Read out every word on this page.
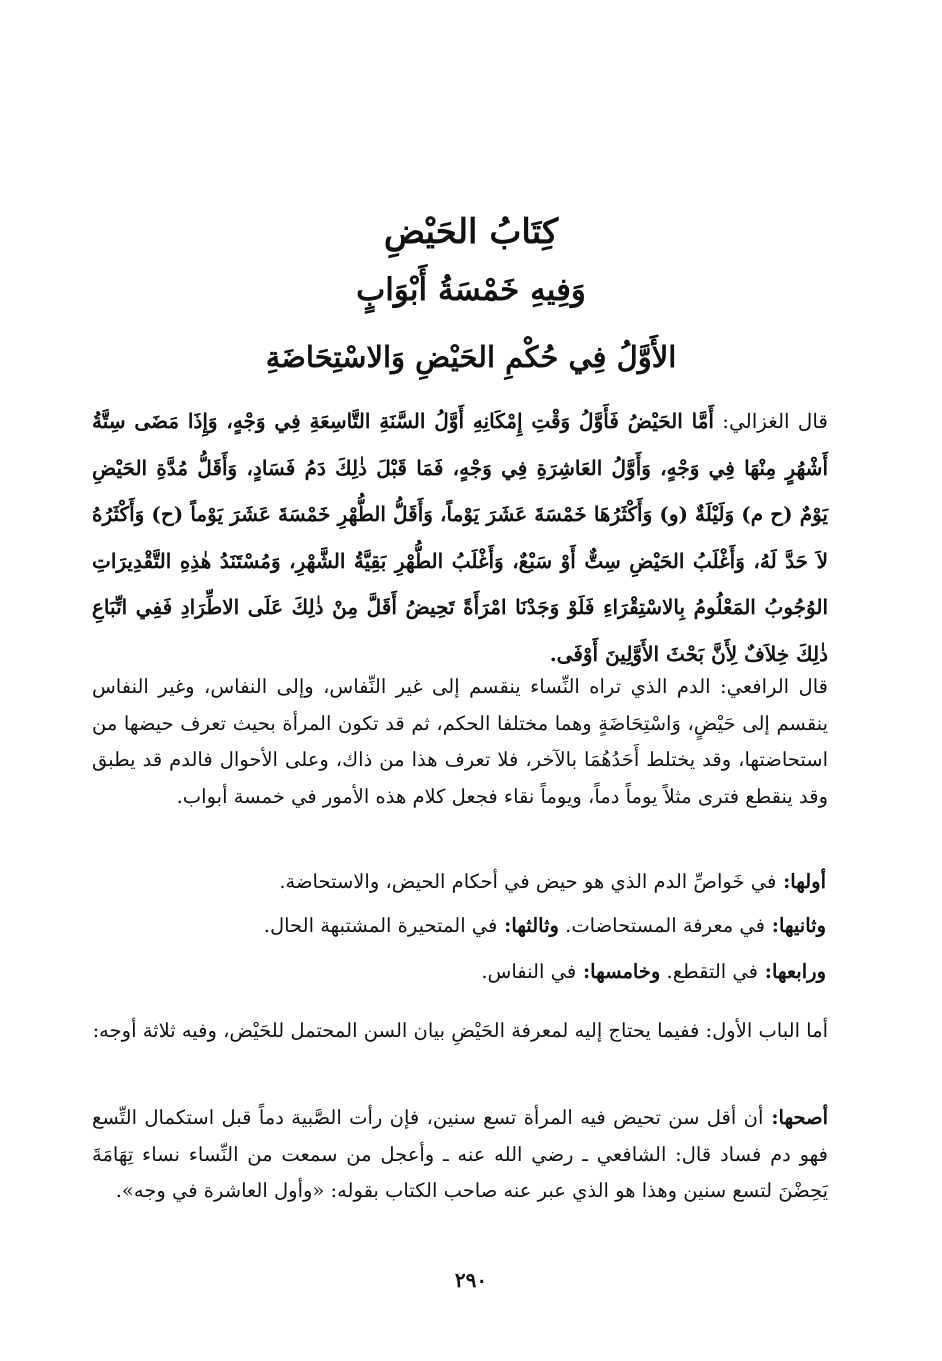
كِتَابُ الحَيْضِ
وَفِيهِ خَمْسَةُ أَبْوَابٍ
الأَوَّلُ فِي حُكْمِ الحَيْضِ وَالاسْتِحَاضَةِ
قال الغزالي: أَمَّا الحَيْضُ فَأَوَّلُ وَقْتِ إِمْكَانِهِ أَوَّلُ السَّنَةِ التَّاسِعَةِ فِي وَجْهٍ، وَإِذَا مَضَى سِتَّةُ أَشْهُرٍ مِنْهَا فِي وَجْهٍ، وَأَوَّلُ العَاشِرَةِ فِي وَجْهٍ، فَمَا قَبْلَ ذٰلِكَ دَمُ فَسَادٍ، وَأَقَلُّ مُدَّةِ الحَيْضِ يَوْمٌ (ح م) وَلَيْلَةٌ (و) وَأَكْثَرُهَا خَمْسَةَ عَشَرَ يَوْماً، وَأَقَلُّ الطُّهْرِ خَمْسَةَ عَشَرَ يَوْماً (ح) وَأَكْثَرُهُ لاَ حَدَّ لَهُ، وَأَغْلَبُ الحَيْضِ سِتٌّ أَوْ سَبْعٌ، وَأَغْلَبُ الطُّهْرِ بَقِيَّةُ الشَّهْرِ، وَمُسْتَنَدُ هٰذِهِ التَّقْدِيرَاتِ الوُجُوبُ المَعْلُومُ بِالاسْتِقْرَاءِ فَلَوْ وَجَدْنَا امْرَأَةً تَحِيضُ أَقَلَّ مِنْ ذٰلِكَ عَلَى الاطِّرَادِ فَفِي اتِّبَاعِ ذٰلِكَ خِلاَفٌ لِأَنَّ بَحْثَ الأَوَّلِينَ أَوْفَى.
قال الرافعي: الدم الذي تراه النِّساء ينقسم إلى غير النِّفاس، وإلى النفاس، وغير النفاس ينقسم إلى حَيْضٍ، وَاسْتِحَاضَةٍ وهما مختلفا الحكم، ثم قد تكون المرأة بحيث تعرف حيضها من استحاضتها، وقد يختلط أَحَدُهُمَا بالآخر، فلا تعرف هذا من ذاك، وعلى الأحوال فالدم قد يطبق وقد ينقطع فترى مثلاً يوماً دماً، ويوماً نقاء فجعل كلام هذه الأمور في خمسة أبواب.
أولها: في خَواصِّ الدم الذي هو حيض في أحكام الحيض، والاستحاضة.
وثانيها: في معرفة المستحاضات. وثالثها: في المتحيرة المشتبهة الحال.
ورابعها: في التقطع. وخامسها: في النفاس.
أما الباب الأول: ففيما يحتاج إليه لمعرفة الحَيْضِ بيان السن المحتمل للحَيْض، وفيه ثلاثة أوجه:
أصحها: أن أقل سن تحيض فيه المرأة تسع سنين، فإن رأت الصَّبية دماً قبل استكمال التِّسع فهو دم فساد قال: الشافعي ـ رضي الله عنه ـ وأعجل من سمعت من النِّساء نساء تِهَامَةَ يَحِضْنَ لتسع سنين وهذا هو الذي عبر عنه صاحب الكتاب بقوله: «وأول العاشرة في وجه».
٢٩٠
